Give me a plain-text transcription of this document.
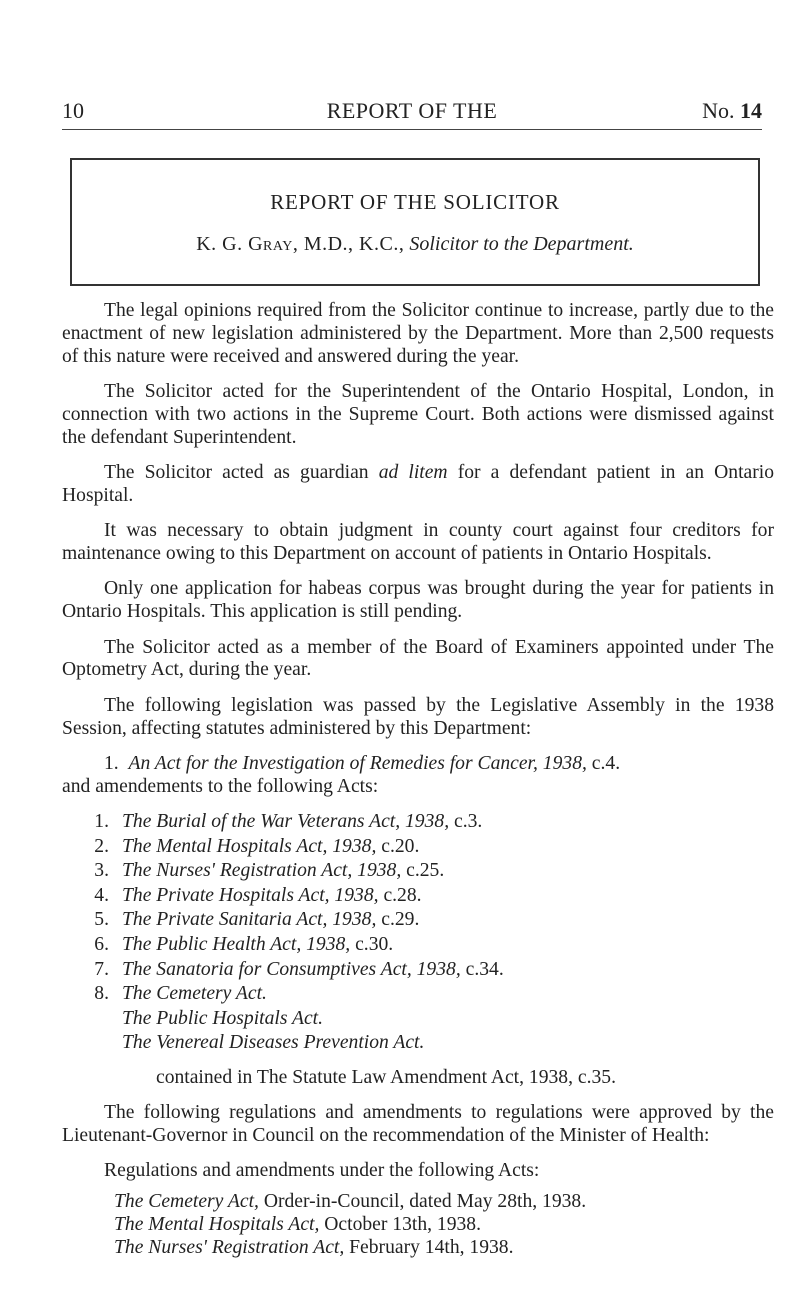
10	REPORT OF THE	No. 14
REPORT OF THE SOLICITOR
K. G. Gray, M.D., K.C., Solicitor to the Department.

The legal opinions required from the Solicitor continue to increase, partly due to the enactment of new legislation administered by the Department. More than 2,500 requests of this nature were received and answered during the year.

The Solicitor acted for the Superintendent of the Ontario Hospital, London, in connection with two actions in the Supreme Court. Both actions were dismissed against the defendant Superintendent.

The Solicitor acted as guardian ad litem for a defendant patient in an Ontario Hospital.

It was necessary to obtain judgment in county court against four creditors for maintenance owing to this Department on account of patients in Ontario Hospitals.

Only one application for habeas corpus was brought during the year for patients in Ontario Hospitals. This application is still pending.

The Solicitor acted as a member of the Board of Examiners appointed under The Optometry Act, during the year.

The following legislation was passed by the Legislative Assembly in the 1938 Session, affecting statutes administered by this Department:

1. An Act for the Investigation of Remedies for Cancer, 1938, c.4.

and amendements to the following Acts:

1. The Burial of the War Veterans Act, 1938, c.3.
2. The Mental Hospitals Act, 1938, c.20.
3. The Nurses' Registration Act, 1938, c.25.
4. The Private Hospitals Act, 1938, c.28.
5. The Private Sanitaria Act, 1938, c.29.
6. The Public Health Act, 1938, c.30.
7. The Sanatoria for Consumptives Act, 1938, c.34.
8. The Cemetery Act.
The Public Hospitals Act.
The Venereal Diseases Prevention Act.
contained in The Statute Law Amendment Act, 1938, c.35.

The following regulations and amendments to regulations were approved by the Lieutenant-Governor in Council on the recommendation of the Minister of Health:

Regulations and amendments under the following Acts:

The Cemetery Act, Order-in-Council, dated May 28th, 1938.
The Mental Hospitals Act, October 13th, 1938.
The Nurses' Registration Act, February 14th, 1938.
